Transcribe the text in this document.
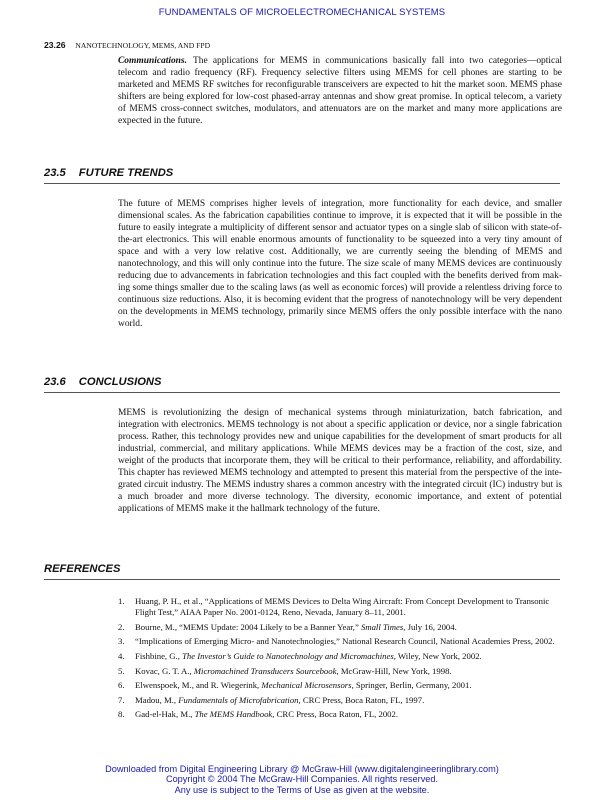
FUNDAMENTALS OF MICROELECTROMECHANICAL SYSTEMS
23.26 NANOTECHNOLOGY, MEMS, AND FPD

Communications. The applications for MEMS in communications basically fall into two categories—optical telecom and radio frequency (RF). Frequency selective filters using MEMS for cell phones are starting to be marketed and MEMS RF switches for reconfigurable transceivers are expected to hit the market soon. MEMS phase shifters are being explored for low-cost phased-array antennas and show great promise. In optical telecom, a variety of MEMS cross-connect switches, modulators, and attenuators are on the market and many more applications are expected in the future.

23.5 FUTURE TRENDS

The future of MEMS comprises higher levels of integration, more functionality for each device, and smaller dimensional scales. As the fabrication capabilities continue to improve, it is expected that it will be possible in the future to easily integrate a multiplicity of different sensor and actuator types on a single slab of silicon with state-of-the-art electronics. This will enable enormous amounts of functionality to be squeezed into a very tiny amount of space and with a very low relative cost. Additionally, we are currently seeing the blending of MEMS and nanotechnology, and this will only continue into the future. The size scale of many MEMS devices are continuously reducing due to advancements in fabrication technologies and this fact coupled with the benefits derived from making some things smaller due to the scaling laws (as well as economic forces) will provide a relentless driving force to continuous size reductions. Also, it is becoming evident that the progress of nanotechnology will be very dependent on the developments in MEMS technology, primarily since MEMS offers the only possible interface with the nano world.

23.6 CONCLUSIONS

MEMS is revolutionizing the design of mechanical systems through miniaturization, batch fabrication, and integration with electronics. MEMS technology is not about a specific application or device, nor a single fabrication process. Rather, this technology provides new and unique capabilities for the development of smart products for all industrial, commercial, and military applications. While MEMS devices may be a fraction of the cost, size, and weight of the products that incorporate them, they will be critical to their performance, reliability, and affordability. This chapter has reviewed MEMS technology and attempted to present this material from the perspective of the integrated circuit industry. The MEMS industry shares a common ancestry with the integrated circuit (IC) industry but is a much broader and more diverse technology. The diversity, economic importance, and extent of potential applications of MEMS make it the hallmark technology of the future.

REFERENCES
1. Huang, P. H., et al., “Applications of MEMS Devices to Delta Wing Aircraft: From Concept Development to Transonic Flight Test,” AIAA Paper No. 2001-0124, Reno, Nevada, January 8–11, 2001.
2. Bourne, M., “MEMS Update: 2004 Likely to be a Banner Year,” Small Times, July 16, 2004.
3. “Implications of Emerging Micro- and Nanotechnologies,” National Research Council, National Academies Press, 2002.
4. Fishbine, G., The Investor’s Guide to Nanotechnology and Micromachines, Wiley, New York, 2002.
5. Kovac, G. T. A., Micromachined Transducers Sourcebook, McGraw-Hill, New York, 1998.
6. Elwenspoek, M., and R. Wiegerink, Mechanical Microsensors, Springer, Berlin, Germany, 2001.
7. Madou, M., Fundamentals of Microfabrication, CRC Press, Boca Raton, FL, 1997.
8. Gad-el-Hak, M., The MEMS Handbook, CRC Press, Boca Raton, FL, 2002.
Downloaded from Digital Engineering Library @ McGraw-Hill (www.digitalengineeringlibrary.com)
Copyright © 2004 The McGraw-Hill Companies. All rights reserved.
Any use is subject to the Terms of Use as given at the website.
